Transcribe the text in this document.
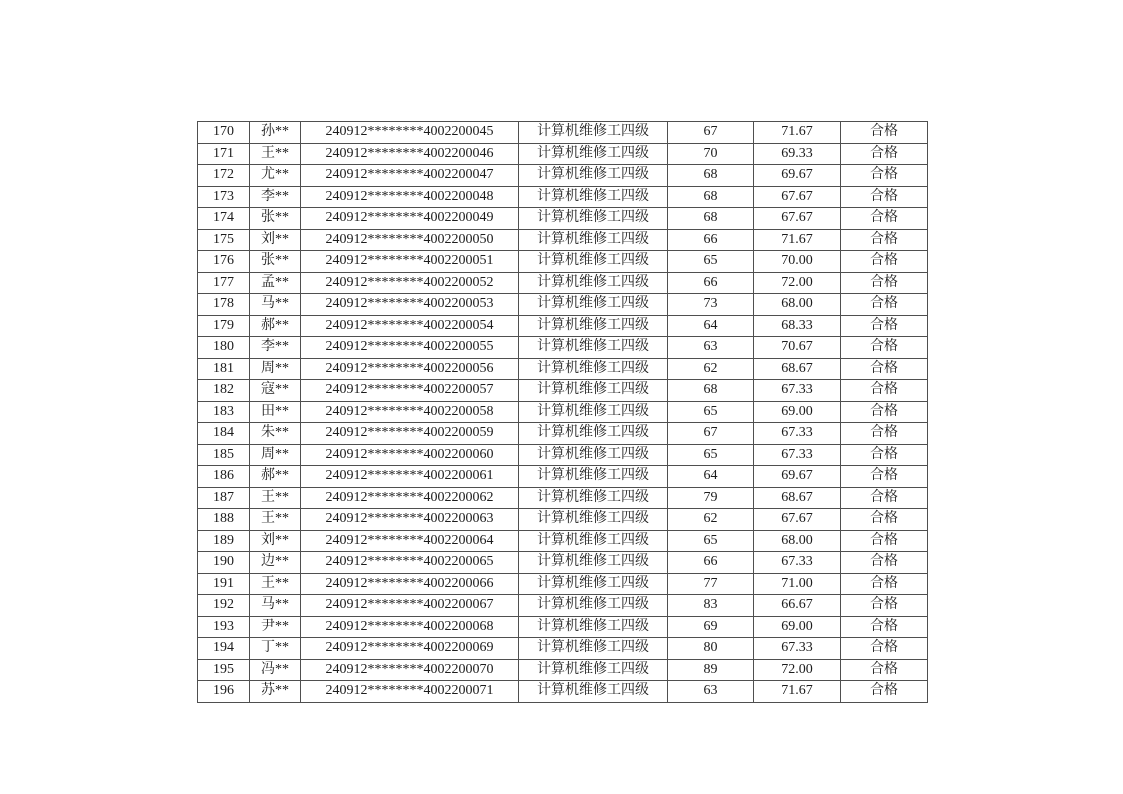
170	孙**	240912********4002200045	计算机维修工四级	67	71.67	合格
171	王**	240912********4002200046	计算机维修工四级	70	69.33	合格
172	尤**	240912********4002200047	计算机维修工四级	68	69.67	合格
173	李**	240912********4002200048	计算机维修工四级	68	67.67	合格
174	张**	240912********4002200049	计算机维修工四级	68	67.67	合格
175	刘**	240912********4002200050	计算机维修工四级	66	71.67	合格
176	张**	240912********4002200051	计算机维修工四级	65	70.00	合格
177	孟**	240912********4002200052	计算机维修工四级	66	72.00	合格
178	马**	240912********4002200053	计算机维修工四级	73	68.00	合格
179	郝**	240912********4002200054	计算机维修工四级	64	68.33	合格
180	李**	240912********4002200055	计算机维修工四级	63	70.67	合格
181	周**	240912********4002200056	计算机维修工四级	62	68.67	合格
182	寇**	240912********4002200057	计算机维修工四级	68	67.33	合格
183	田**	240912********4002200058	计算机维修工四级	65	69.00	合格
184	朱**	240912********4002200059	计算机维修工四级	67	67.33	合格
185	周**	240912********4002200060	计算机维修工四级	65	67.33	合格
186	郝**	240912********4002200061	计算机维修工四级	64	69.67	合格
187	王**	240912********4002200062	计算机维修工四级	79	68.67	合格
188	王**	240912********4002200063	计算机维修工四级	62	67.67	合格
189	刘**	240912********4002200064	计算机维修工四级	65	68.00	合格
190	边**	240912********4002200065	计算机维修工四级	66	67.33	合格
191	王**	240912********4002200066	计算机维修工四级	77	71.00	合格
192	马**	240912********4002200067	计算机维修工四级	83	66.67	合格
193	尹**	240912********4002200068	计算机维修工四级	69	69.00	合格
194	丁**	240912********4002200069	计算机维修工四级	80	67.33	合格
195	冯**	240912********4002200070	计算机维修工四级	89	72.00	合格
196	苏**	240912********4002200071	计算机维修工四级	63	71.67	合格
